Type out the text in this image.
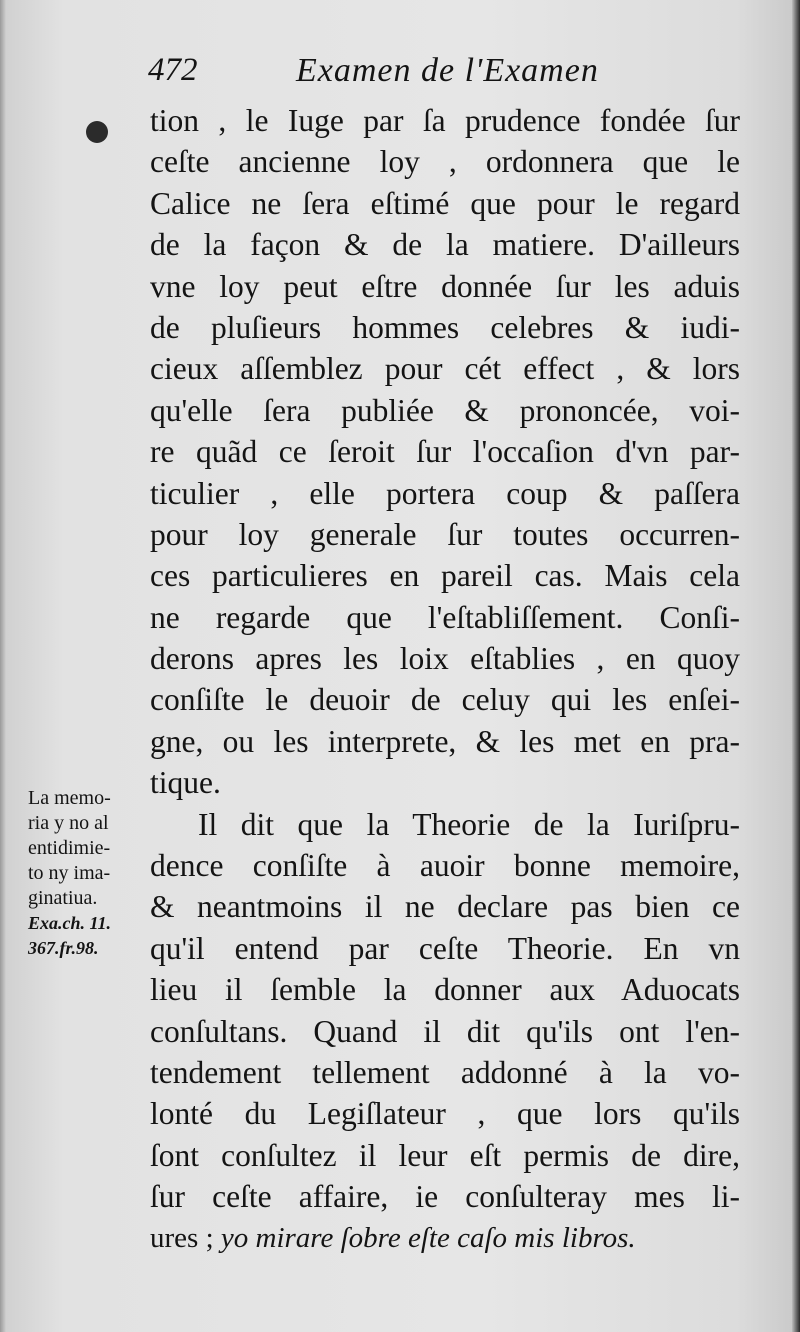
472	Examen de l'Examen
tion , le Iuge par ſa prudence fondée ſur
ceſte ancienne loy , ordonnera que le
Calice ne ſera eſtimé que pour le regard
de la façon & de la matiere. D'ailleurs
vne loy peut eſtre donnée ſur les aduis
de pluſieurs hommes celebres & iudi-
cieux aſſemblez pour cét effect , & lors
qu'elle ſera publiée & prononcée, voi-
re quãd ce ſeroit ſur l'occaſion d'vn par-
ticulier , elle portera coup & paſſera
pour loy generale ſur toutes occurren-
ces particulieres en pareil cas. Mais cela
ne regarde que l'eſtabliſſement. Conſi-
derons apres les loix eſtablies , en quoy
conſiſte le deuoir de celuy qui les enſei-
gne, ou les interprete, & les met en pra-
tique.
Il dit que la Theorie de la Iuriſpru-
dence conſiſte à auoir bonne memoire,
& neantmoins il ne declare pas bien ce
qu'il entend par ceſte Theorie. En vn
lieu il ſemble la donner aux Aduocats
conſultans. Quand il dit qu'ils ont l'en-
tendement tellement addonné à la vo-
lonté du Legiſlateur , que lors qu'ils
ſont conſultez il leur eſt permis de dire,
ſur ceſte affaire, ie conſulteray mes li-
ures ; yo mirare ſobre eſte caſo mis libros.
La memo-
ria y no al
entidimie-
to ny ima-
ginatiua.
Exa.ch. 11.
367.fr.98.
